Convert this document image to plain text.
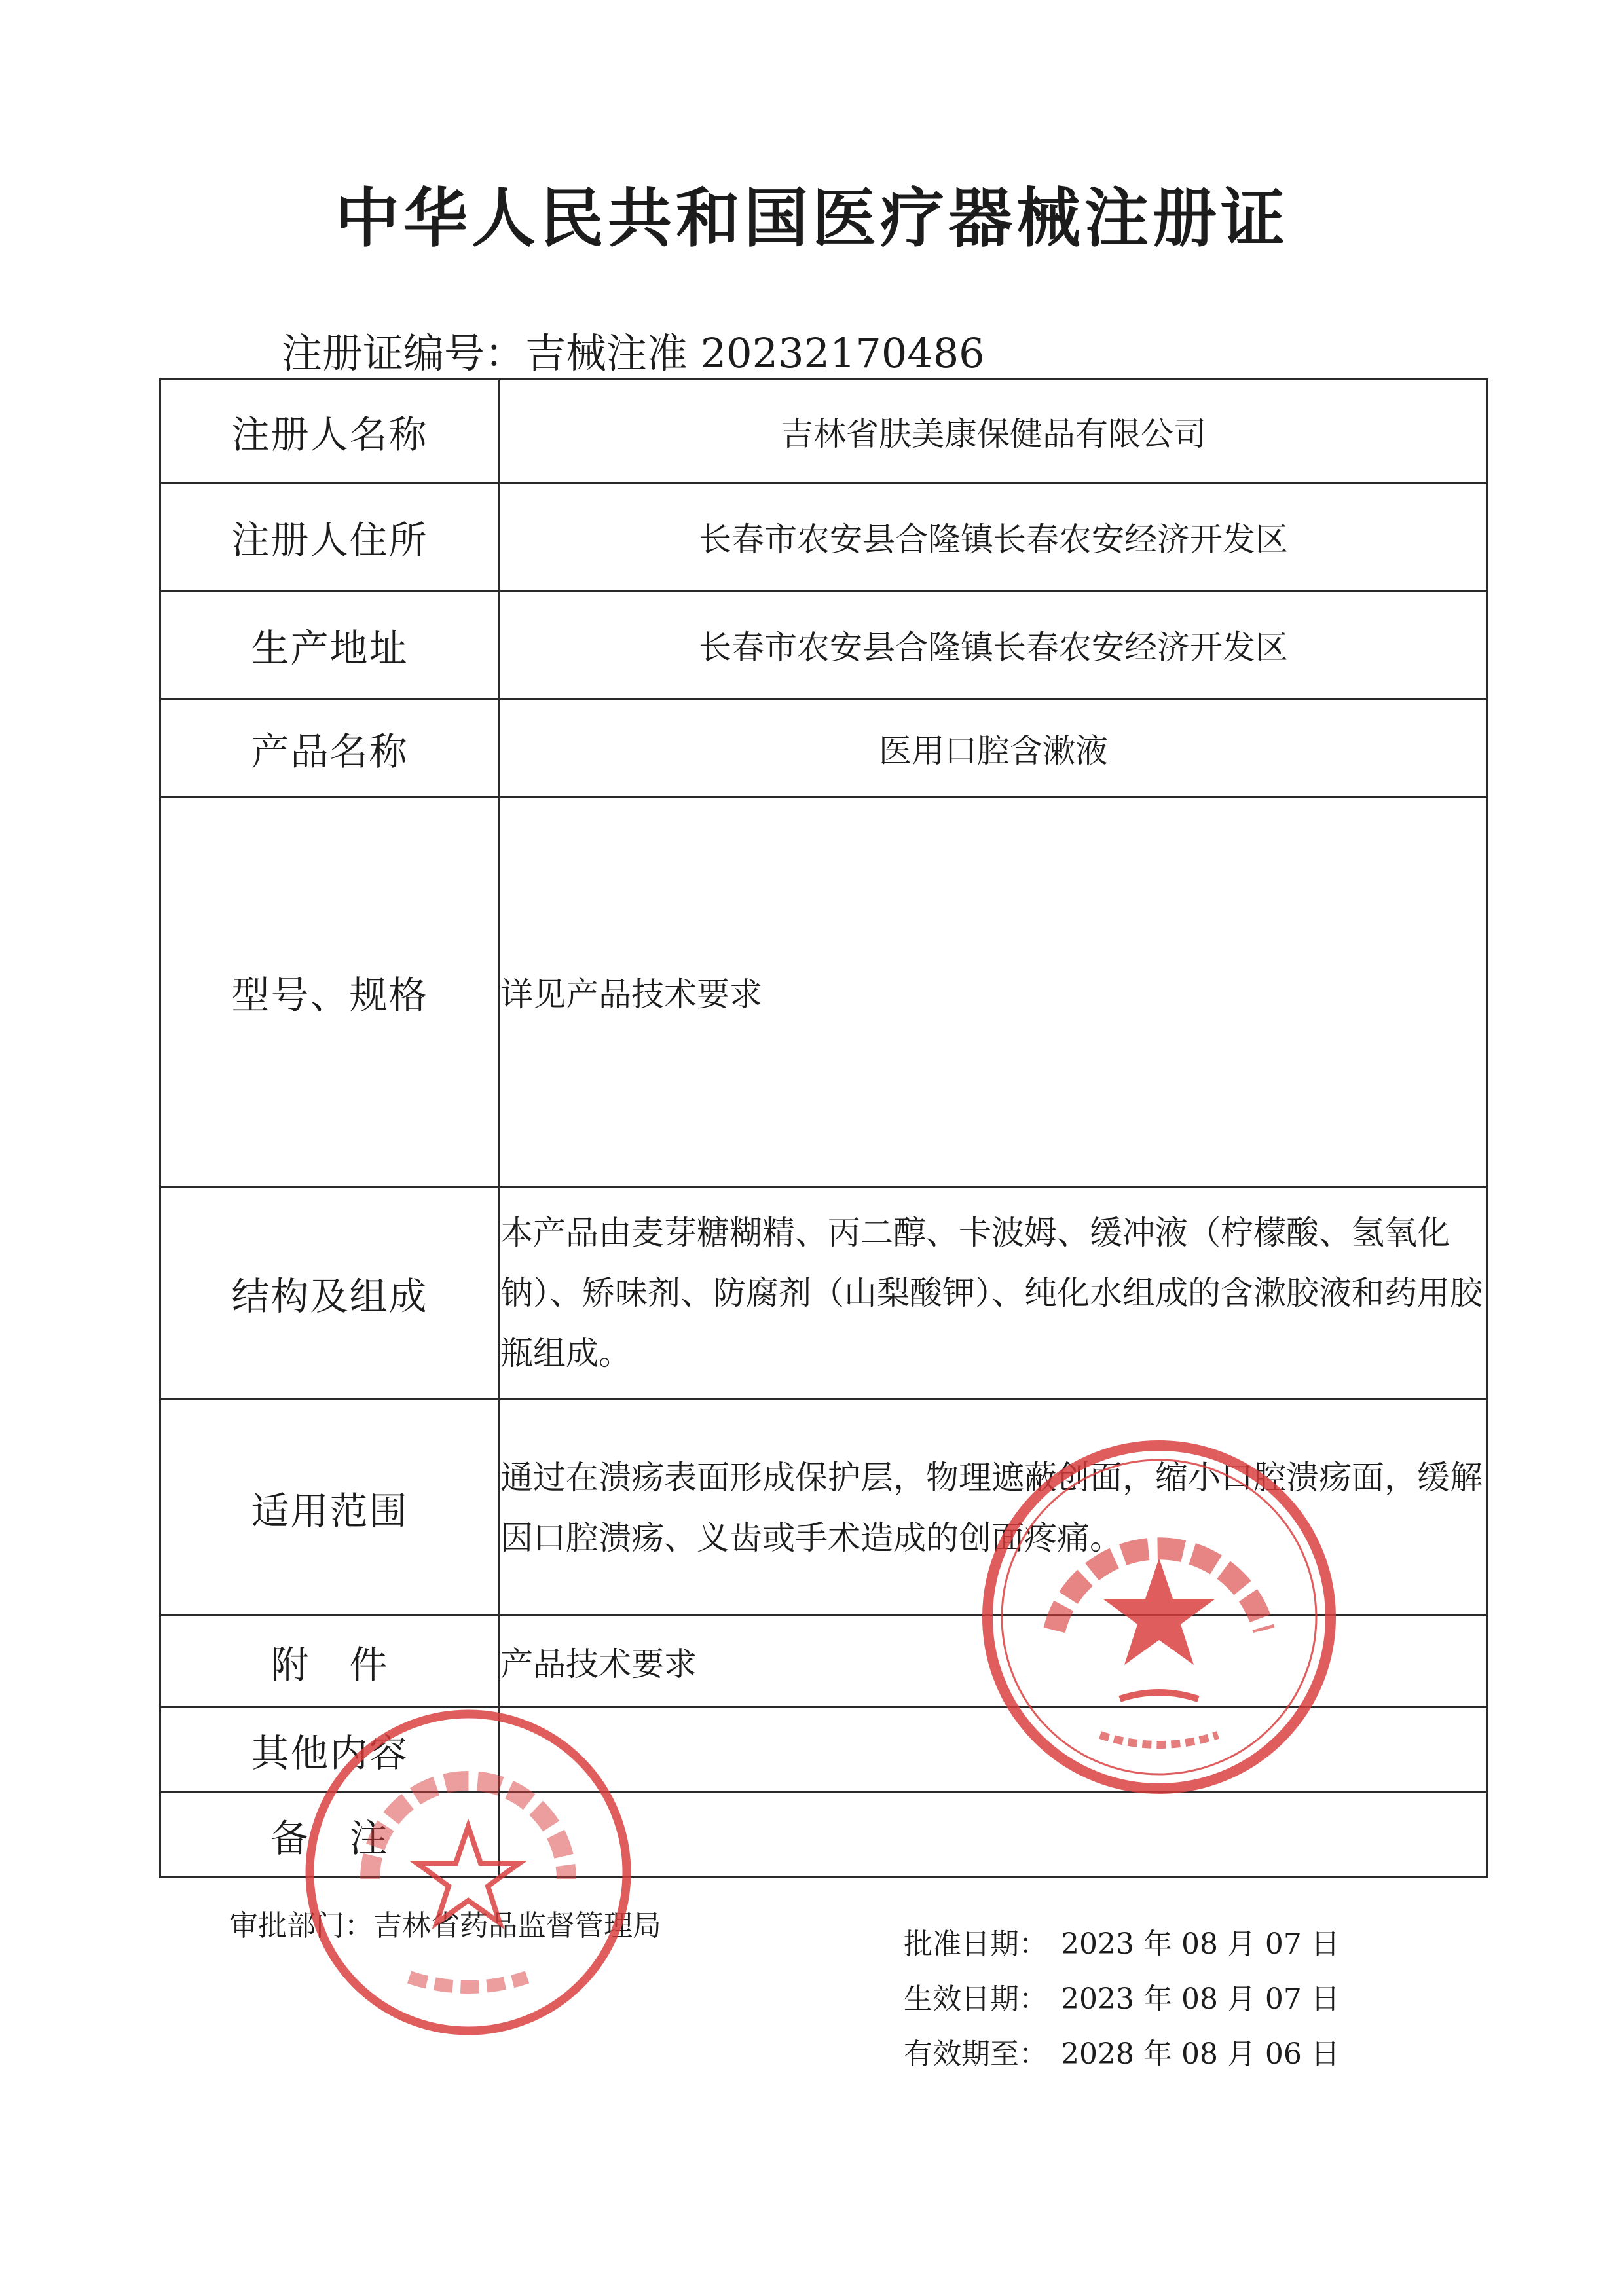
中华人民共和国医疗器械注册证
注册证编号：吉械注准 20232170486
注册人名称	吉林省肤美康保健品有限公司
注册人住所	长春市农安县合隆镇长春农安经济开发区
生产地址	长春市农安县合隆镇长春农安经济开发区
产品名称	医用口腔含漱液
型号、规格	详见产品技术要求
结构及组成	本产品由麦芽糖糊精、丙二醇、卡波姆、缓冲液（柠檬酸、氢氧化钠）、矫味剂、防腐剂（山梨酸钾）、纯化水组成的含漱胶液和药用胶瓶组成。
适用范围	通过在溃疡表面形成保护层，物理遮蔽创面，缩小口腔溃疡面，缓解因口腔溃疡、义齿或手术造成的创面疼痛。
附　件	产品技术要求
其他内容	
备　注	
审批部门：吉林省药品监督管理局
批准日期： 2023 年 08 月 07 日
生效日期： 2023 年 08 月 07 日
有效期至： 2028 年 08 月 06 日
